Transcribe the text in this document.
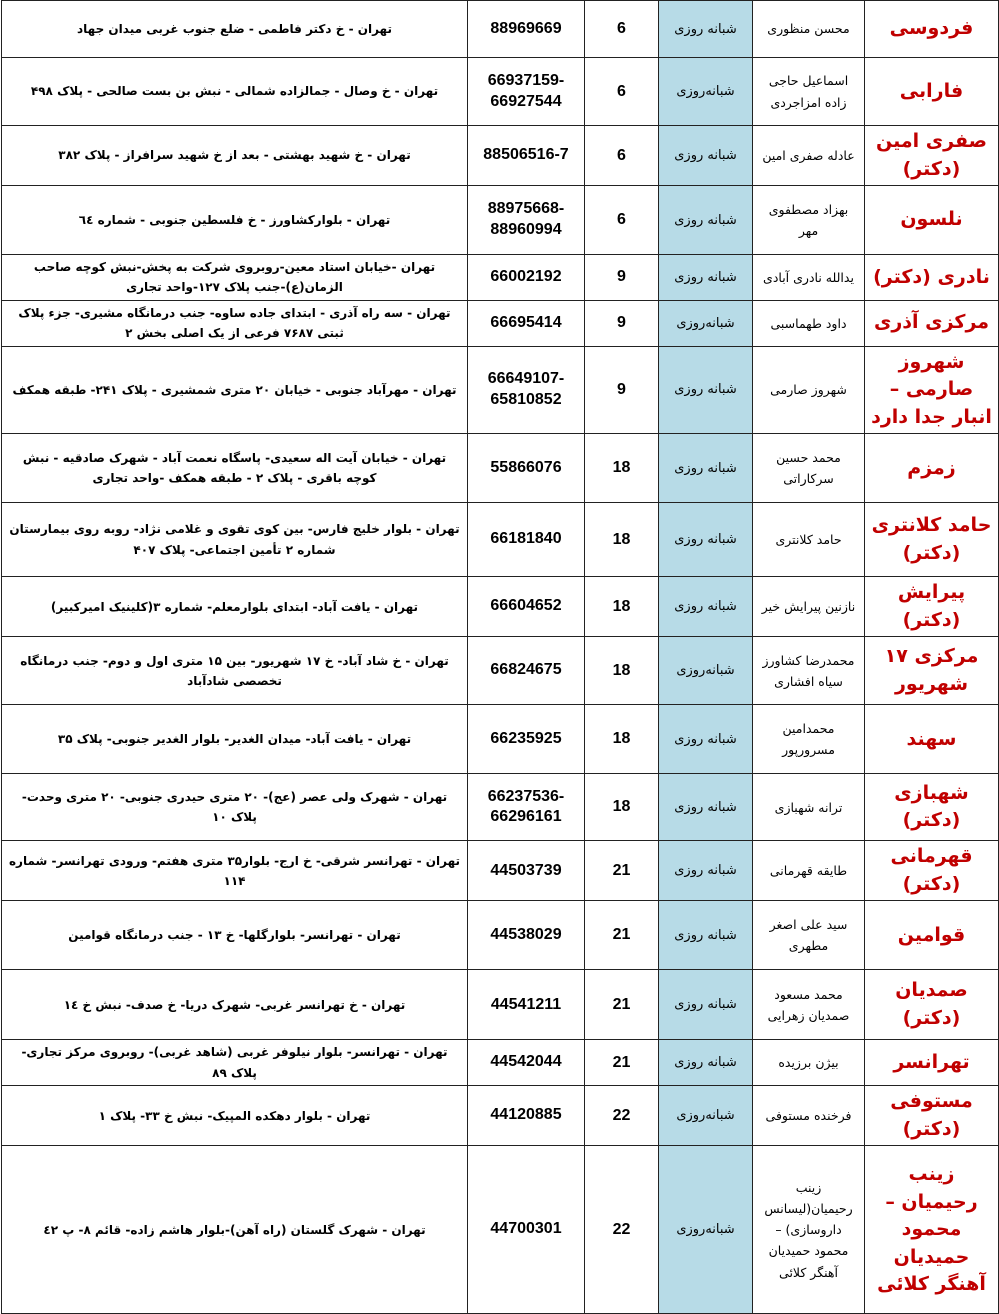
فردوسی	محسن منظوری	شبانه روزی	6	88969669	تهران - خ دکتر فاطمی - ضلع جنوب غربی میدان جهاد
فارابی	اسماعیل حاجی زاده امزاجردی	شبانه‌روزی	6	66937159-66927544	تهران - خ وصال - جمالزاده شمالی - نبش بن بست صالحی - پلاک ۴۹۸
صفری امین (دکتر)	عادله صفری امین	شبانه روزی	6	88506516-7	تهران - خ شهید بهشتی - بعد از خ شهید سرافراز - پلاک ۳۸۲
نلسون	بهزاد مصطفوی مهر	شبانه روزی	6	88975668-88960994	تهران - بلوارکشاورز - خ فلسطین جنوبی - شماره ٦٤
نادری (دکتر)	یدالله نادری آبادی	شبانه روزی	9	66002192	تهران -خیابان استاد معین-روبروی شرکت به پخش-نبش کوچه صاحب الزمان(ع)-جنب پلاک ۱۲۷-واحد تجاری
مرکزی آذری	داود طهماسبی	شبانه‌روزی	9	66695414	تهران - سه راه آذری - ابتدای جاده ساوه- جنب درمانگاه مشیری- جزء پلاک ثبتی ۷۶۸۷ فرعی از یک اصلی بخش ۲
شهروز صارمی – انبار جدا دارد	شهروز صارمی	شبانه روزی	9	66649107-65810852	تهران - مهرآباد جنوبی - خیابان ۲۰ متری شمشیری - پلاک ۲۴۱- طبقه همکف
زمزم	محمد حسین سرکاراتی	شبانه روزی	18	55866076	تهران - خیابان آیت اله سعیدی- پاسگاه نعمت آباد - شهرک صادقیه - نبش کوچه باقری - پلاک ۲ - طبقه همکف -واحد تجاری
حامد کلانتری (دکتر)	حامد کلانتری	شبانه روزی	18	66181840	تهران - بلوار خلیج فارس- بین کوی تقوی و غلامی نژاد- روبه روی بیمارستان شماره ۲ تأمین اجتماعی- پلاک ۴۰۷
پیرایش (دکتر)	نازنین پیرایش خیر	شبانه روزی	18	66604652	تهران - یافت آباد- ابتدای بلوارمعلم- شماره ۳(کلینیک امیرکبیر)
مرکزی ۱۷ شهریور	محمدرضا کشاورز سیاه افشاری	شبانه‌روزی	18	66824675	تهران - خ شاد آباد- خ ۱۷ شهریور- بین ۱۵ متری اول و دوم- جنب درمانگاه تخصصی شادآباد
سهند	محمدامین مسرورپور	شبانه روزی	18	66235925	تهران - یافت آباد- میدان الغدیر- بلوار الغدیر جنوبی- پلاک ۳۵
شهبازی (دکتر)	ترانه شهبازی	شبانه روزی	18	66237536-66296161	تهران - شهرک ولی عصر (عج)- ۲۰ متری حیدری جنوبی- ۲۰ متری وحدت- پلاک ۱۰
قهرمانی (دکتر)	طایقه قهرمانی	شبانه روزی	21	44503739	تهران - تهرانسر شرقی- خ ارج- بلوار۳۵ متری هفتم- ورودی تهرانسر- شماره ۱۱۴
قوامین	سید علی اصغر مطهری	شبانه روزی	21	44538029	تهران - تهرانسر- بلوارگلها- خ ۱۳ - جنب درمانگاه قوامین
صمدیان (دکتر)	محمد مسعود صمدیان زهرایی	شبانه روزی	21	44541211	تهران - خ تهرانسر غربی- شهرک دریا- خ صدف- نبش خ ١٤
تهرانسر	بیژن برزیده	شبانه روزی	21	44542044	تهران - تهرانسر- بلوار نیلوفر غربی (شاهد غربی)- روبروی مرکز تجاری- پلاک ۸۹
مستوفی (دکتر)	فرخنده مستوفی	شبانه‌روزی	22	44120885	تهران - بلوار دهکده المپیک- نبش خ ۳۳- پلاک ۱
زینب رحیمیان – محمود حمیدیان آهنگر کلائی	زینب رحیمیان(لیسانس داروسازی) – محمود حمیدیان آهنگر کلائی	شبانه‌روزی	22	44700301	تهران - شهرک گلستان (راه آهن)-بلوار هاشم زاده- قائم ۸- پ ٤٢
